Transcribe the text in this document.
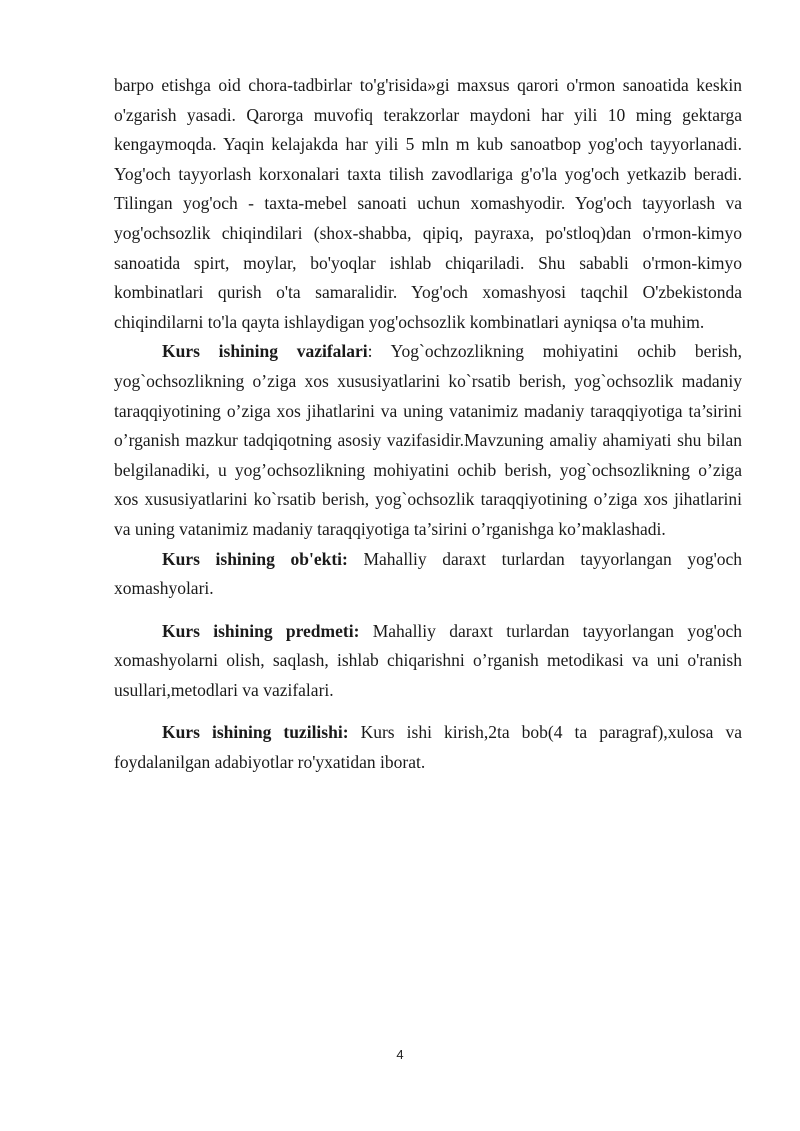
barpo etishga oid chora-tadbirlar to'g'risida»gi maxsus qarori o'rmon sanoatida keskin o'zgarish yasadi. Qarorga muvofiq terakzorlar maydoni har yili 10 ming gektarga kengaymoqda. Yaqin kelajakda har yili 5 mln m kub sanoatbop yog'och tayyorlanadi. Yog'och tayyorlash korxonalari taxta tilish zavodlariga g'o'la yog'och yetkazib beradi. Tilingan yog'och - taxta-mebel sanoati uchun xomashyodir. Yog'och tayyorlash va yog'ochsozlik chiqindilari (shox-shabba, qipiq, payraxa, po'stloq)dan o'rmon-kimyo sanoatida spirt, moylar, bo'yoqlar ishlab chiqariladi. Shu sababli o'rmon-kimyo kombinatlari qurish o'ta samaralidir. Yog'och xomashyosi taqchil O'zbekistonda chiqindilarni to'la qayta ishlaydigan yog'ochsozlik kombinatlari ayniqsa o'ta muhim.

Kurs ishining vazifalari: Yog`ochzozlikning mohiyatini ochib berish, yog`ochsozlikning o’ziga xos xususiyatlarini ko`rsatib berish, yog`ochsozlik madaniy taraqqiyotining o’ziga xos jihatlarini va uning vatanimiz madaniy taraqqiyotiga ta’sirini o’rganish mazkur tadqiqotning asosiy vazifasidir.Mavzuning amaliy ahamiyati shu bilan belgilanadiki, u yog’ochsozlikning mohiyatini ochib berish, yog`ochsozlikning o’ziga xos xususiyatlarini ko`rsatib berish, yog`ochsozlik taraqqiyotining o’ziga xos jihatlarini va uning vatanimiz madaniy taraqqiyotiga ta’sirini o’rganishga ko’maklashadi.

Kurs ishining ob'ekti: Mahalliy daraxt turlardan tayyorlangan yog'och xomashyolari.

Kurs ishining predmeti: Mahalliy daraxt turlardan tayyorlangan yog'och xomashyolarni olish, saqlash, ishlab chiqarishni o’rganish metodikasi va uni o'ranish usullari,metodlari va vazifalari.

Kurs ishining tuzilishi: Kurs ishi kirish,2ta bob(4 ta paragraf),xulosa va foydalanilgan adabiyotlar ro'yxatidan iborat.

4
